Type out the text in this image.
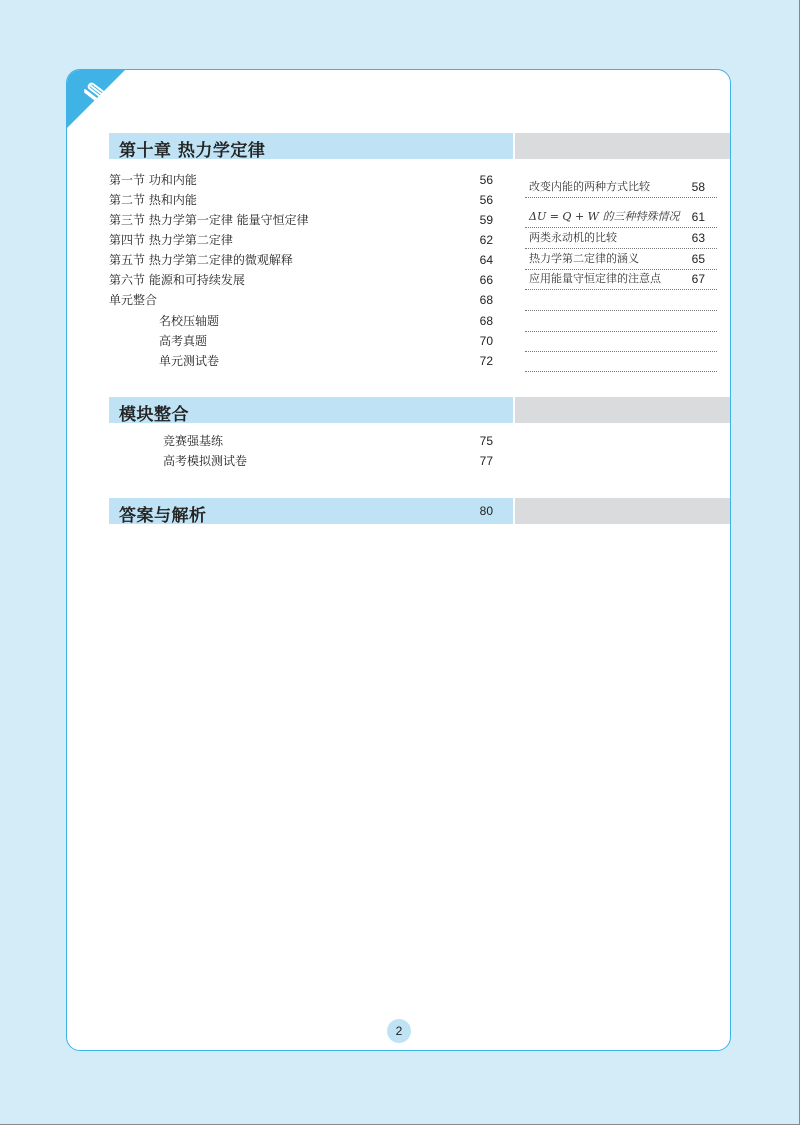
第十章 热力学定律
第一节 功和内能	56
第二节 热和内能	56
第三节 热力学第一定律 能量守恒定律	59
第四节 热力学第二定律	62
第五节 热力学第二定律的微观解释	64
第六节 能源和可持续发展	66
单元整合	68
名校压轴题	68
高考真题	70
单元测试卷	72
改变内能的两种方式比较	58
ΔU = Q + W 的三种特殊情况 61
两类永动机的比较	63
热力学第二定律的涵义	65
应用能量守恒定律的注意点	67
模块整合
竞赛强基练	75
高考模拟测试卷	77
答案与解析	80
2
